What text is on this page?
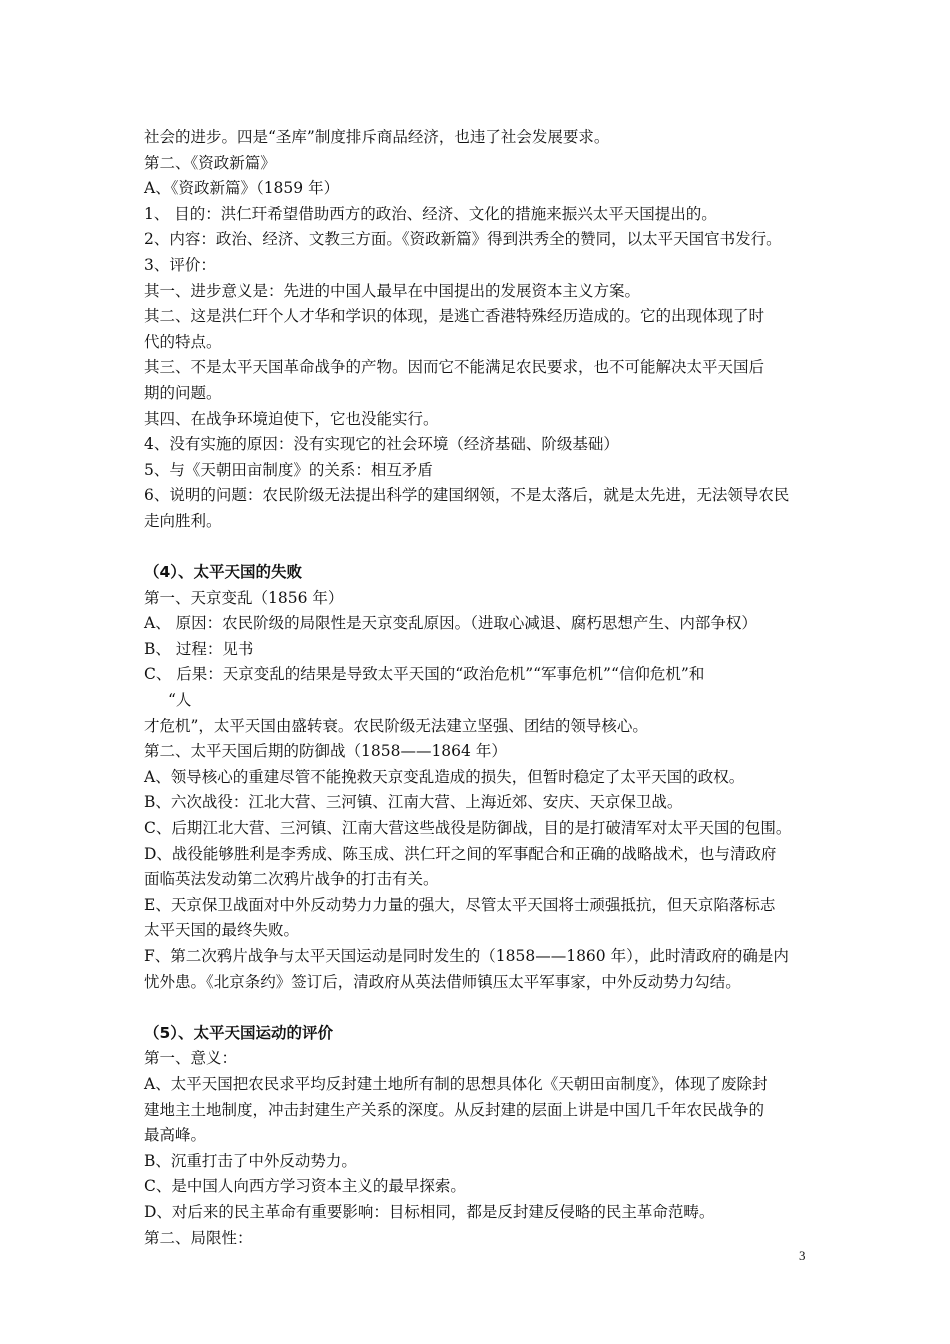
社会的进步。四是“圣库”制度排斥商品经济，也违了社会发展要求。
第二、《资政新篇》
A、《资政新篇》（1859 年）
1、 目的：洪仁玕希望借助西方的政治、经济、文化的措施来振兴太平天国提出的。
2、内容：政治、经济、文教三方面。《资政新篇》得到洪秀全的赞同，以太平天国官书发行。
3、评价：
其一、进步意义是：先进的中国人最早在中国提出的发展资本主义方案。
其二、这是洪仁玕个人才华和学识的体现，是逃亡香港特殊经历造成的。它的出现体现了时
代的特点。
其三、不是太平天国革命战争的产物。因而它不能满足农民要求，也不可能解决太平天国后
期的问题。
其四、在战争环境迫使下，它也没能实行。
4、没有实施的原因：没有实现它的社会环境（经济基础、阶级基础）
5、与《天朝田亩制度》的关系：相互矛盾
6、说明的问题：农民阶级无法提出科学的建国纲领，不是太落后，就是太先进，无法领导农民
走向胜利。
（4）、太平天国的失败
第一、天京变乱（1856 年）
A、 原因：农民阶级的局限性是天京变乱原因。（进取心减退、腐朽思想产生、内部争权）
B、 过程：见书
C、 后果：天京变乱的结果是导致太平天国的“政治危机”“军事危机”“信仰危机”和
“人
才危机”，太平天国由盛转衰。农民阶级无法建立坚强、团结的领导核心。
第二、太平天国后期的防御战（1858——1864 年）
A、领导核心的重建尽管不能挽救天京变乱造成的损失，但暂时稳定了太平天国的政权。
B、六次战役：江北大营、三河镇、江南大营、上海近郊、安庆、天京保卫战。
C、后期江北大营、三河镇、江南大营这些战役是防御战，目的是打破清军对太平天国的包围。
D、战役能够胜利是李秀成、陈玉成、洪仁玕之间的军事配合和正确的战略战术，也与清政府
面临英法发动第二次鸦片战争的打击有关。
E、天京保卫战面对中外反动势力力量的强大，尽管太平天国将士顽强抵抗，但天京陷落标志
太平天国的最终失败。
F、第二次鸦片战争与太平天国运动是同时发生的（1858——1860 年），此时清政府的确是内
忧外患。《北京条约》签订后，清政府从英法借师镇压太平军事家，中外反动势力勾结。
（5）、太平天国运动的评价
第一、意义：
A、太平天国把农民求平均反封建土地所有制的思想具体化《天朝田亩制度》，体现了废除封
建地主土地制度，冲击封建生产关系的深度。从反封建的层面上讲是中国几千年农民战争的
最高峰。
B、沉重打击了中外反动势力。
C、是中国人向西方学习资本主义的最早探索。
D、对后来的民主革命有重要影响：目标相同，都是反封建反侵略的民主革命范畴。
第二、局限性：
3
